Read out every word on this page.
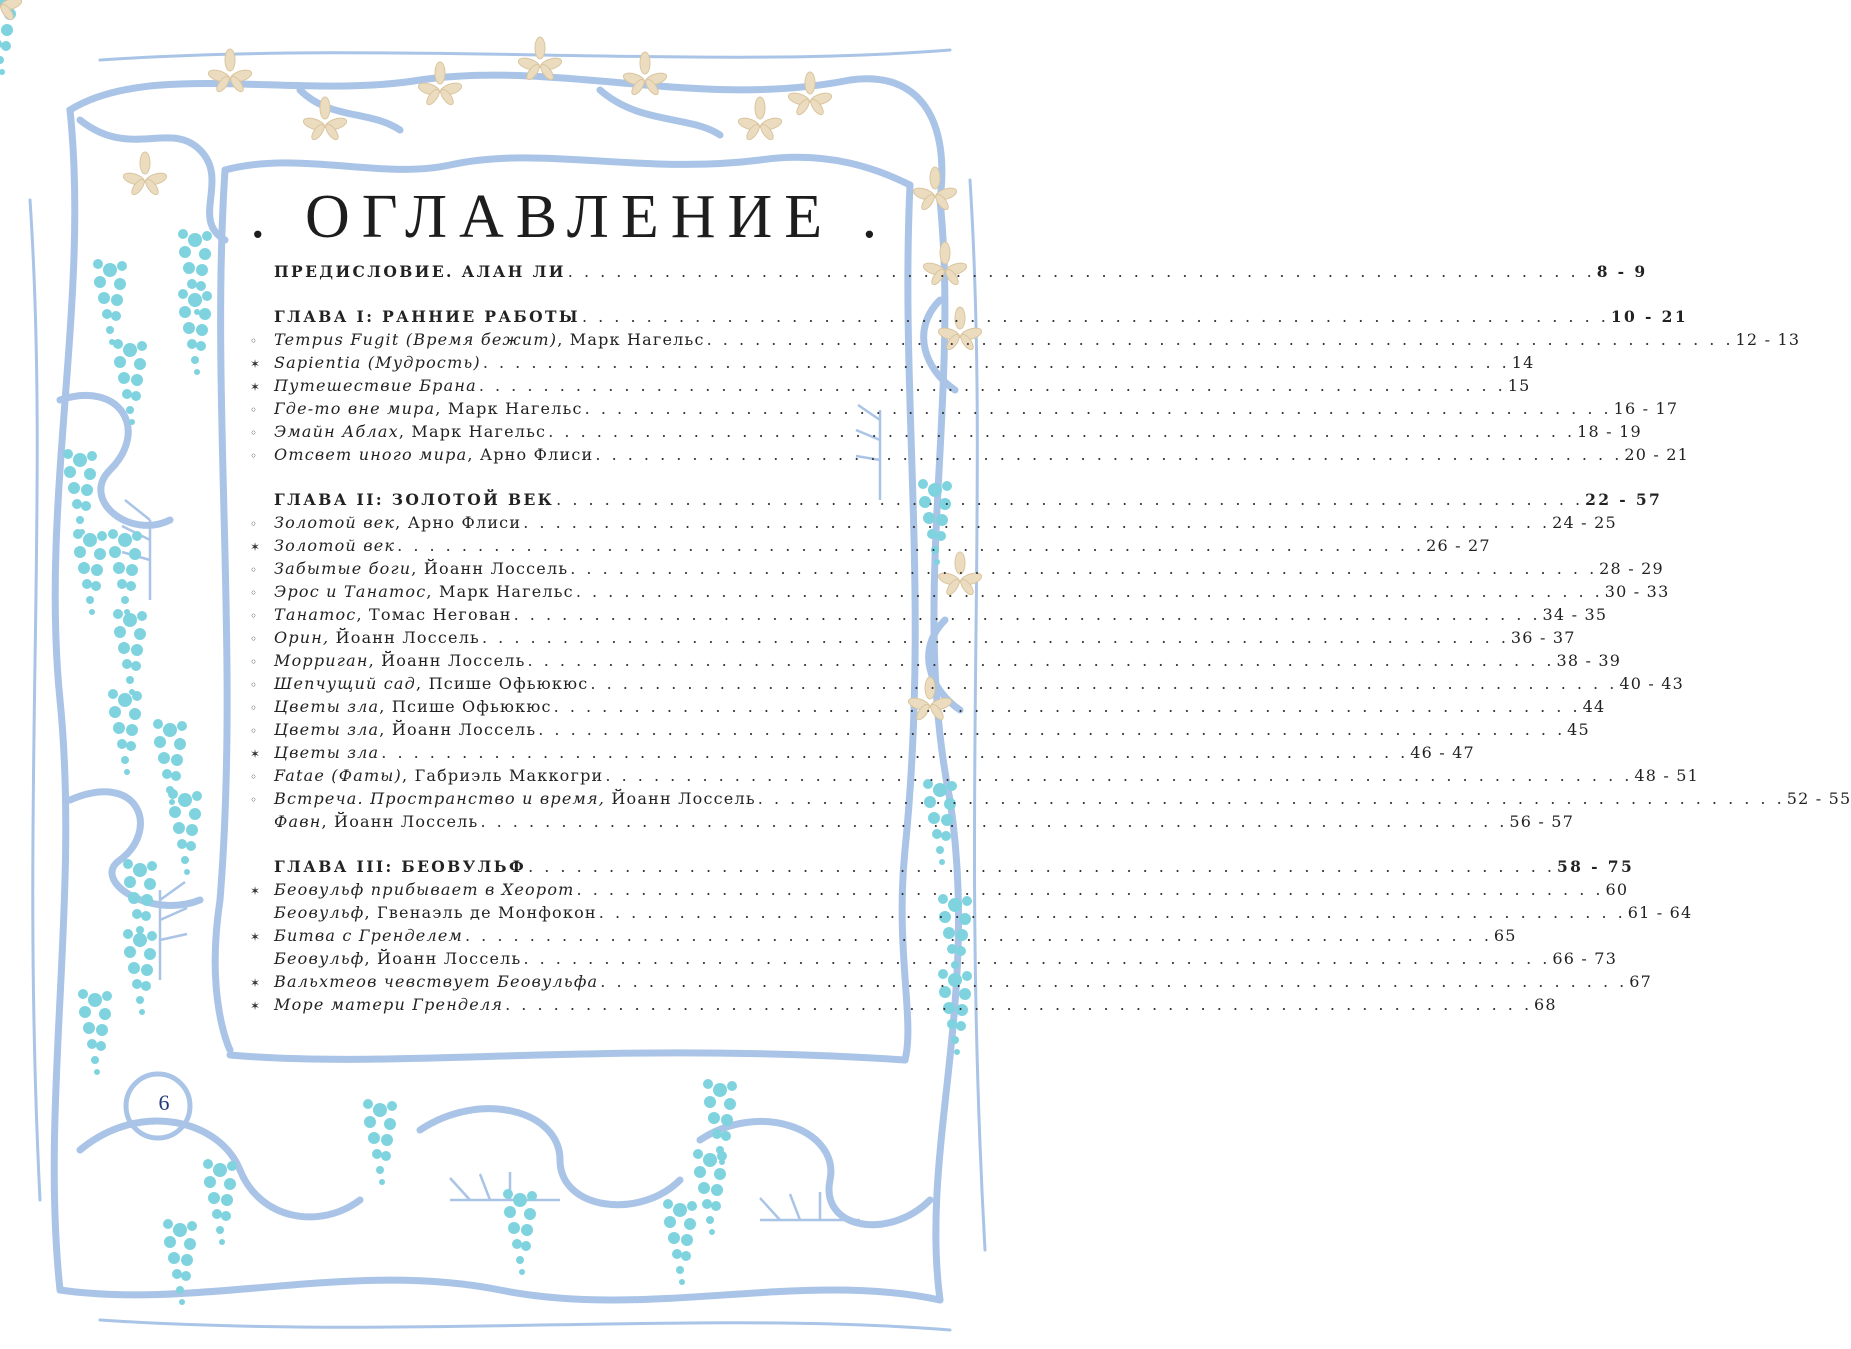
. ОГЛАВЛЕНИЕ .
ПРЕДИСЛОВИЕ. АЛАН ЛИ . . . . . . . . . . . . . . . . . . . . . . . . . . . . . . . . . . . . . . . . . . . . . . . . . . . . . . . . . . . . . . . . 8 - 9
ГЛАВА I: РАННИЕ РАБОТЫ . . . . . . . . . . . . . . . . . . . . . . . . . . . . . . . . . . . . . . . . . . . . . . . . . . . . . . . . . . . . . . . . 10 - 21
◦ Tempus Fugit (Время бежит), Марк Нагельс . . . . . . . . . . . . . . . . . . . . . . . . . . . . . . . . . . . . . . . . . . . . . . . . . . . . . . . . . . . . . . . . 12 - 13
✶ Sapientia (Мудрость) . . . . . . . . . . . . . . . . . . . . . . . . . . . . . . . . . . . . . . . . . . . . . . . . . . . . . . . . . . . . . . . . 14
✶ Путешествие Брана . . . . . . . . . . . . . . . . . . . . . . . . . . . . . . . . . . . . . . . . . . . . . . . . . . . . . . . . . . . . . . . . 15
◦ Где-то вне мира, Марк Нагельс . . . . . . . . . . . . . . . . . . . . . . . . . . . . . . . . . . . . . . . . . . . . . . . . . . . . . . . . . . . . . . . . 16 - 17
◦ Эмайн Аблах, Марк Нагельс . . . . . . . . . . . . . . . . . . . . . . . . . . . . . . . . . . . . . . . . . . . . . . . . . . . . . . . . . . . . . . . . 18 - 19
◦ Отсвет иного мира, Арно Флиси . . . . . . . . . . . . . . . . . . . . . . . . . . . . . . . . . . . . . . . . . . . . . . . . . . . . . . . . . . . . . . . . 20 - 21
ГЛАВА II: ЗОЛОТОЙ ВЕК . . . . . . . . . . . . . . . . . . . . . . . . . . . . . . . . . . . . . . . . . . . . . . . . . . . . . . . . . . . . . . . . 22 - 57
◦ Золотой век, Арно Флиси . . . . . . . . . . . . . . . . . . . . . . . . . . . . . . . . . . . . . . . . . . . . . . . . . . . . . . . . . . . . . . . . 24 - 25
✶ Золотой век . . . . . . . . . . . . . . . . . . . . . . . . . . . . . . . . . . . . . . . . . . . . . . . . . . . . . . . . . . . . . . . . 26 - 27
◦ Забытые боги, Йоанн Лоссель . . . . . . . . . . . . . . . . . . . . . . . . . . . . . . . . . . . . . . . . . . . . . . . . . . . . . . . . . . . . . . . . 28 - 29
◦ Эрос и Танатос, Марк Нагельс . . . . . . . . . . . . . . . . . . . . . . . . . . . . . . . . . . . . . . . . . . . . . . . . . . . . . . . . . . . . . . . . 30 - 33
◦ Танатос, Томас Негован . . . . . . . . . . . . . . . . . . . . . . . . . . . . . . . . . . . . . . . . . . . . . . . . . . . . . . . . . . . . . . . . 34 - 35
◦ Орин, Йоанн Лоссель . . . . . . . . . . . . . . . . . . . . . . . . . . . . . . . . . . . . . . . . . . . . . . . . . . . . . . . . . . . . . . . . 36 - 37
◦ Морриган, Йоанн Лоссель . . . . . . . . . . . . . . . . . . . . . . . . . . . . . . . . . . . . . . . . . . . . . . . . . . . . . . . . . . . . . . . . 38 - 39
◦ Шепчущий сад, Псише Офьюкюс . . . . . . . . . . . . . . . . . . . . . . . . . . . . . . . . . . . . . . . . . . . . . . . . . . . . . . . . . . . . . . . . 40 - 43
◦ Цветы зла, Псише Офьюкюс . . . . . . . . . . . . . . . . . . . . . . . . . . . . . . . . . . . . . . . . . . . . . . . . . . . . . . . . . . . . . . . . 44
◦ Цветы зла, Йоанн Лоссель . . . . . . . . . . . . . . . . . . . . . . . . . . . . . . . . . . . . . . . . . . . . . . . . . . . . . . . . . . . . . . . . 45
✶ Цветы зла . . . . . . . . . . . . . . . . . . . . . . . . . . . . . . . . . . . . . . . . . . . . . . . . . . . . . . . . . . . . . . . . 46 - 47
◦ Fatae (Фаты), Габриэль Маккогри . . . . . . . . . . . . . . . . . . . . . . . . . . . . . . . . . . . . . . . . . . . . . . . . . . . . . . . . . . . . . . . . 48 - 51
◦ Встреча. Пространство и время, Йоанн Лоссель . . . . . . . . . . . . . . . . . . . . . . . . . . . . . . . . . . . . . . . . . . . . . . . . . . . . . . . . . . . . . . . . 52 - 55
Фавн, Йоанн Лоссель . . . . . . . . . . . . . . . . . . . . . . . . . . . . . . . . . . . . . . . . . . . . . . . . . . . . . . . . . . . . . . . . 56 - 57
ГЛАВА III: БЕОВУЛЬФ . . . . . . . . . . . . . . . . . . . . . . . . . . . . . . . . . . . . . . . . . . . . . . . . . . . . . . . . . . . . . . . . 58 - 75
✶ Беовульф прибывает в Хеорот . . . . . . . . . . . . . . . . . . . . . . . . . . . . . . . . . . . . . . . . . . . . . . . . . . . . . . . . . . . . . . . . 60
Беовульф, Гвенаэль де Монфокон . . . . . . . . . . . . . . . . . . . . . . . . . . . . . . . . . . . . . . . . . . . . . . . . . . . . . . . . . . . . . . . . 61 - 64
✶ Битва с Гренделем . . . . . . . . . . . . . . . . . . . . . . . . . . . . . . . . . . . . . . . . . . . . . . . . . . . . . . . . . . . . . . . . 65
Беовульф, Йоанн Лоссель . . . . . . . . . . . . . . . . . . . . . . . . . . . . . . . . . . . . . . . . . . . . . . . . . . . . . . . . . . . . . . . . 66 - 73
✶ Вальхтеов чевствует Беовульфа . . . . . . . . . . . . . . . . . . . . . . . . . . . . . . . . . . . . . . . . . . . . . . . . . . . . . . . . . . . . . . . . 67
✶ Море матери Гренделя . . . . . . . . . . . . . . . . . . . . . . . . . . . . . . . . . . . . . . . . . . . . . . . . . . . . . . . . . . . . . . . . 68
6
